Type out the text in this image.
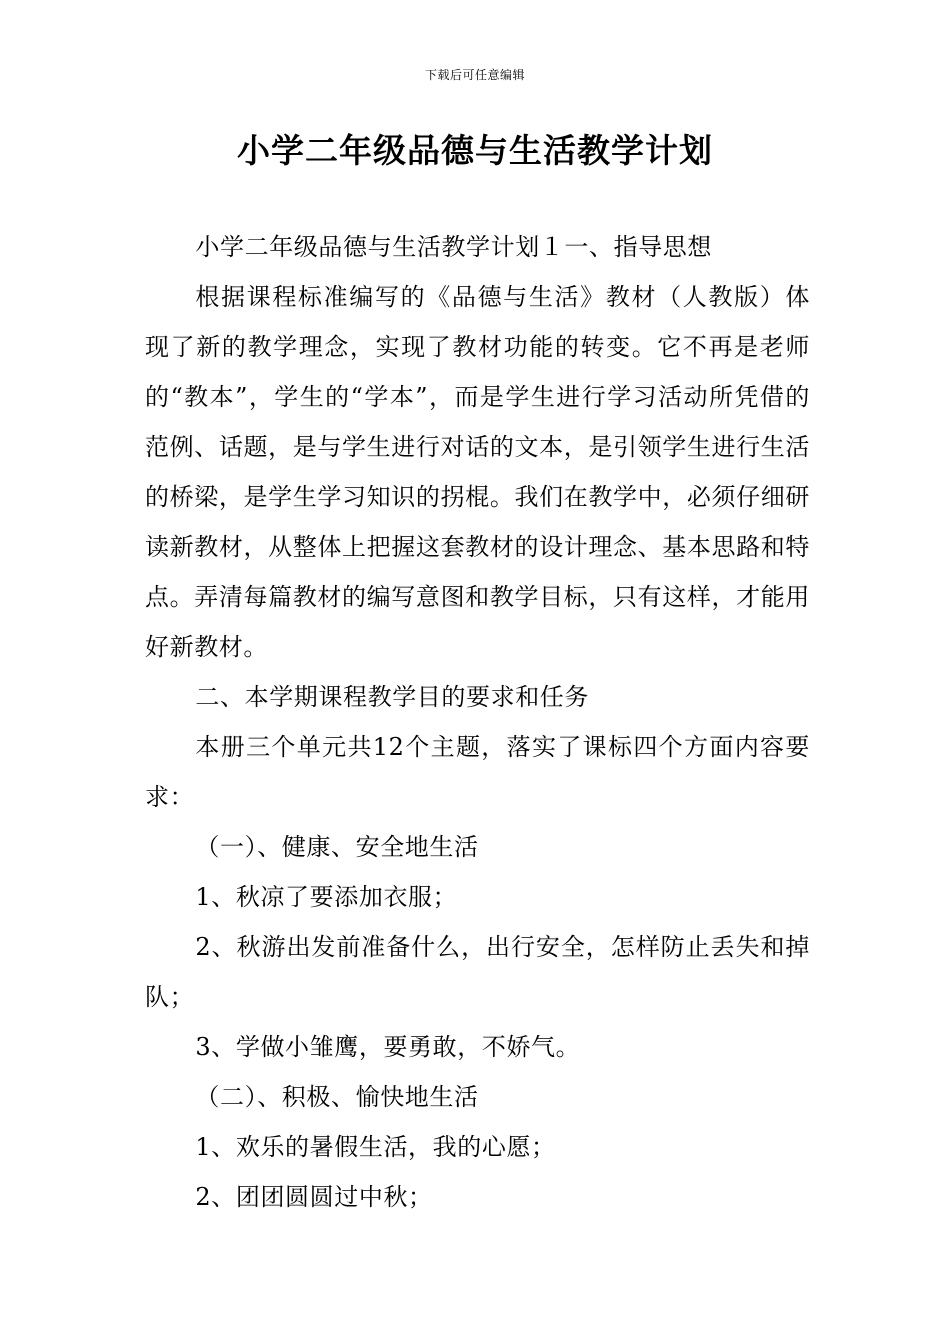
下载后可任意编辑
小学二年级品德与生活教学计划

小学二年级品德与生活教学计划１一、指导思想

根据课程标准编写的《品德与生活》教材（人教版）体现了新的教学理念，实现了教材功能的转变。它不再是老师的“教本”，学生的“学本”，而是学生进行学习活动所凭借的范例、话题，是与学生进行对话的文本，是引领学生进行生活的桥梁，是学生学习知识的拐棍。我们在教学中，必须仔细研读新教材，从整体上把握这套教材的设计理念、基本思路和特点。弄清每篇教材的编写意图和教学目标，只有这样，才能用好新教材。

二、本学期课程教学目的要求和任务

本册三个单元共12个主题，落实了课标四个方面内容要求：

（一）、健康、安全地生活

1、秋凉了要添加衣服；

2、秋游出发前准备什么，出行安全，怎样防止丢失和掉队；

3、学做小雏鹰，要勇敢，不娇气。

（二）、积极、愉快地生活

1、欢乐的暑假生活，我的心愿；

2、团团圆圆过中秋；
